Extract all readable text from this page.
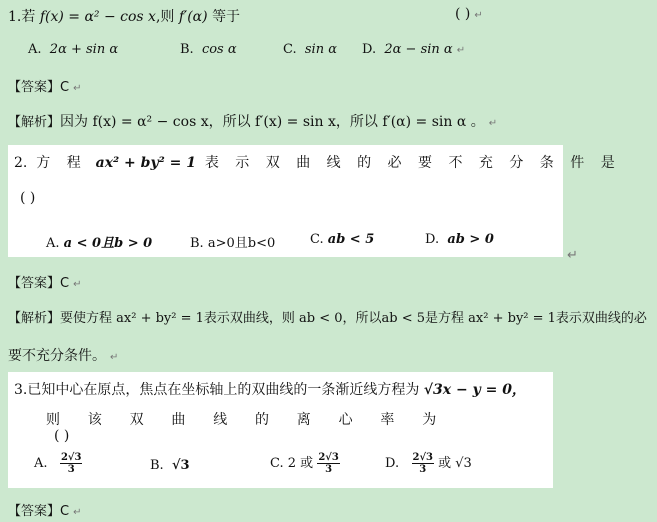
1.若 f(x) = α² − cos x,则 f′(α) 等于	( ) ↵
A. 2α + sin α	B. cos α	C. sin α D. 2α − sin α ↵
【答案】C ↵
【解析】因为 f(x) = α² − cos x，所以 f′(x) = sin x，所以 f′(α) = sin α 。 ↵
2. 方 程 ax² + by² = 1 表 示 双 曲 线 的 必 要 不 充 分 条 件 是
( )
A. a < 0且b > 0	B. a>0且b<0	C. ab < 5	D. ab > 0
↵
【答案】C ↵
【解析】要使方程 ax² + by² = 1表示双曲线，则 ab < 0，所以ab < 5是方程 ax² + by² = 1表示双曲线的必
要不充分条件。 ↵
3.已知中心在原点，焦点在坐标轴上的双曲线的一条渐近线方程为 √3x − y = 0，
则    该    双    曲    线    的    离    心    率    为
( )
A. $\frac{2√3}{3}$	B. √3	C. 2 或 $\frac{2√3}{3}$	D. $\frac{2√3}{3}$ 或 √3
【答案】C ↵
